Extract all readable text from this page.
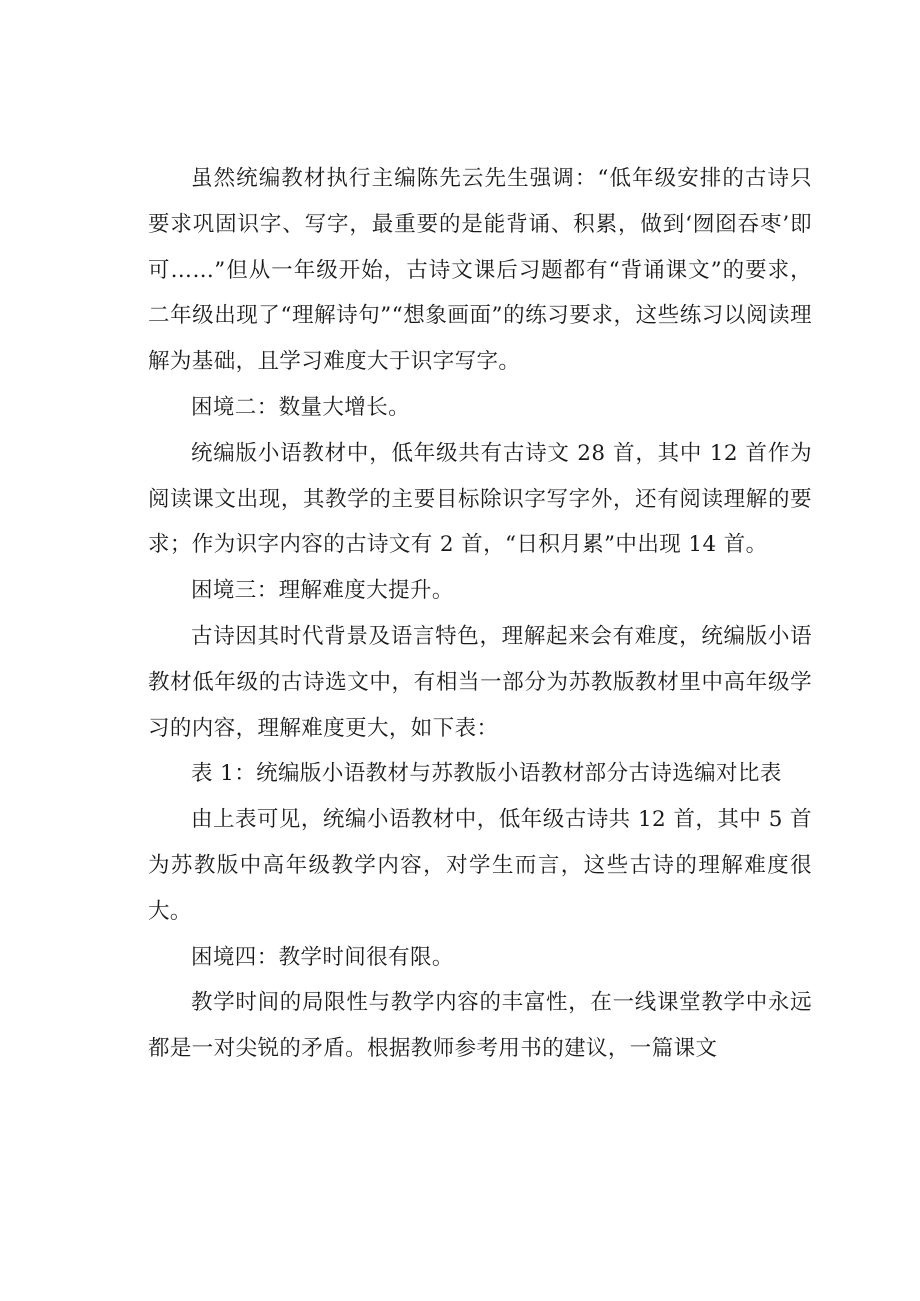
虽然统编教材执行主编陈先云先生强调：“低年级安排的古诗只要求巩固识字、写字，最重要的是能背诵、积累，做到‘囫囵吞枣’即可……”但从一年级开始，古诗文课后习题都有“背诵课文”的要求，二年级出现了“理解诗句”“想象画面”的练习要求，这些练习以阅读理解为基础，且学习难度大于识字写字。

困境二：数量大增长。

统编版小语教材中，低年级共有古诗文 28 首，其中 12 首作为阅读课文出现，其教学的主要目标除识字写字外，还有阅读理解的要求；作为识字内容的古诗文有 2 首，“日积月累”中出现 14 首。

困境三：理解难度大提升。

古诗因其时代背景及语言特色，理解起来会有难度，统编版小语教材低年级的古诗选文中，有相当一部分为苏教版教材里中高年级学习的内容，理解难度更大，如下表：

表 1：统编版小语教材与苏教版小语教材部分古诗选编对比表

由上表可见，统编小语教材中，低年级古诗共 12 首，其中 5 首为苏教版中高年级教学内容，对学生而言，这些古诗的理解难度很大。

困境四：教学时间很有限。

教学时间的局限性与教学内容的丰富性，在一线课堂教学中永远都是一对尖锐的矛盾。根据教师参考用书的建议，一篇课文
